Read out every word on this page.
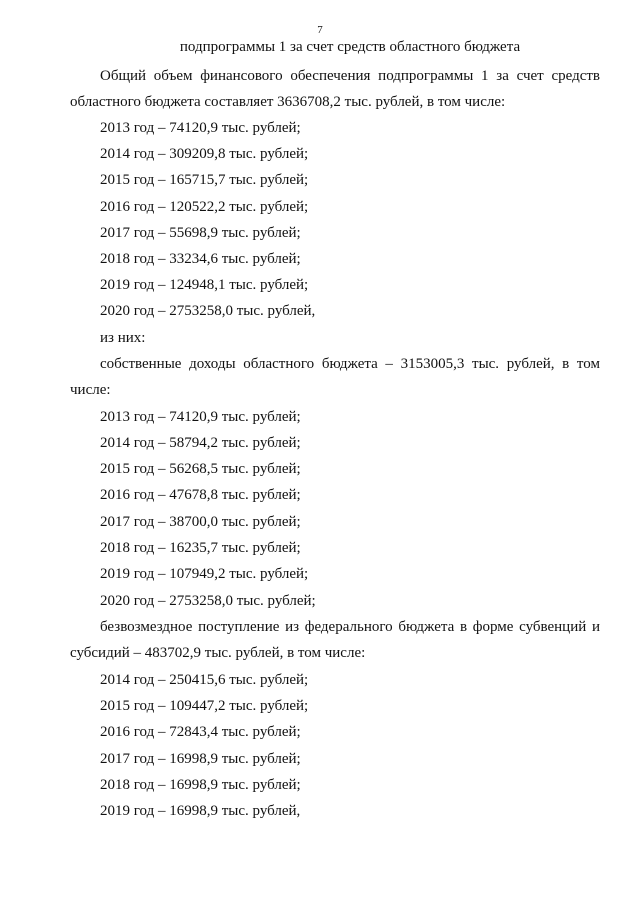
7
подпрограммы 1 за счет средств областного бюджета
Общий объем финансового обеспечения подпрограммы 1 за счет средств
областного бюджета составляет 3636708,2 тыс. рублей, в том числе:
2013 год – 74120,9 тыс. рублей;
2014 год – 309209,8 тыс. рублей;
2015 год – 165715,7 тыс. рублей;
2016 год – 120522,2 тыс. рублей;
2017 год – 55698,9 тыс. рублей;
2018 год – 33234,6 тыс. рублей;
2019 год – 124948,1 тыс. рублей;
2020 год – 2753258,0 тыс. рублей,
из них:
собственные доходы областного бюджета – 3153005,3 тыс. рублей, в том
числе:
2013 год – 74120,9 тыс. рублей;
2014 год – 58794,2 тыс. рублей;
2015 год – 56268,5 тыс. рублей;
2016 год – 47678,8 тыс. рублей;
2017 год – 38700,0 тыс. рублей;
2018 год – 16235,7 тыс. рублей;
2019 год – 107949,2 тыс. рублей;
2020 год – 2753258,0 тыс. рублей;
безвозмездное поступление из федерального бюджета в форме субвенций и
субсидий – 483702,9 тыс. рублей, в том числе:
2014 год – 250415,6 тыс. рублей;
2015 год – 109447,2 тыс. рублей;
2016 год – 72843,4 тыс. рублей;
2017 год – 16998,9 тыс. рублей;
2018 год – 16998,9 тыс. рублей;
2019 год – 16998,9 тыс. рублей,
